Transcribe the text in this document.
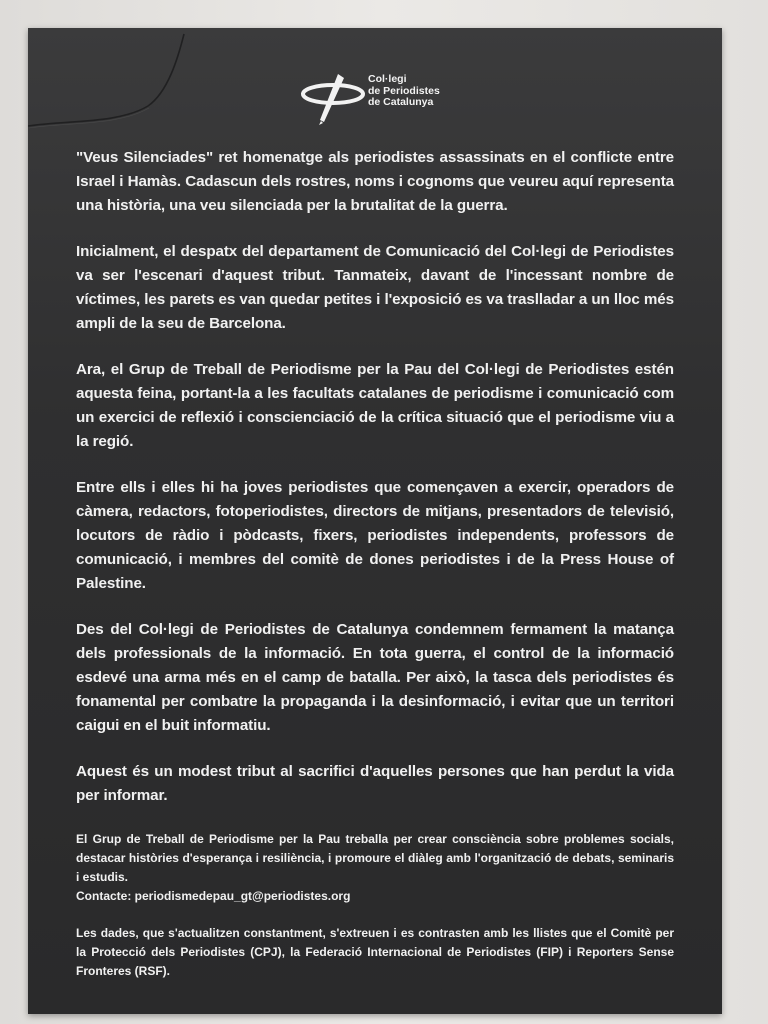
Col·legi
de Periodistes
de Catalunya

"Veus Silenciades" ret homenatge als periodistes assassinats en el conflicte entre Israel i Hamàs. Cadascun dels rostres, noms i cognoms que veureu aquí representa una història, una veu silenciada per la brutalitat de la guerra.

Inicialment, el despatx del departament de Comunicació del Col·legi de Periodistes va ser l'escenari d'aquest tribut. Tanmateix, davant de l'incessant nombre de víctimes, les parets es van quedar petites i l'exposició es va traslladar a un lloc més ampli de la seu de Barcelona.

Ara, el Grup de Treball de Periodisme per la Pau del Col·legi de Periodistes estén aquesta feina, portant-la a les facultats catalanes de periodisme i comunicació com un exercici de reflexió i conscienciació de la crítica situació que el periodisme viu a la regió.

Entre ells i elles hi ha joves periodistes que començaven a exercir, operadors de càmera, redactors, fotoperiodistes, directors de mitjans, presentadors de televisió, locutors de ràdio i pòdcasts, fixers, periodistes independents, professors de comunicació, i membres del comitè de dones periodistes i de la Press House of Palestine.

Des del Col·legi de Periodistes de Catalunya condemnem fermament la matança dels professionals de la informació. En tota guerra, el control de la informació esdevé una arma més en el camp de batalla. Per això, la tasca dels periodistes és fonamental per combatre la propaganda i la desinformació, i evitar que un territori caigui en el buit informatiu.

Aquest és un modest tribut al sacrifici d'aquelles persones que han perdut la vida per informar.

El Grup de Treball de Periodisme per la Pau treballa per crear consciència sobre problemes socials, destacar històries d'esperança i resiliència, i promoure el diàleg amb l'organització de debats, seminaris i estudis.
Contacte: periodismedepau_gt@periodistes.org

Les dades, que s'actualitzen constantment, s'extreuen i es contrasten amb les llistes que el Comitè per la Protecció dels Periodistes (CPJ), la Federació Internacional de Periodistes (FIP) i Reporters Sense Fronteres (RSF).
